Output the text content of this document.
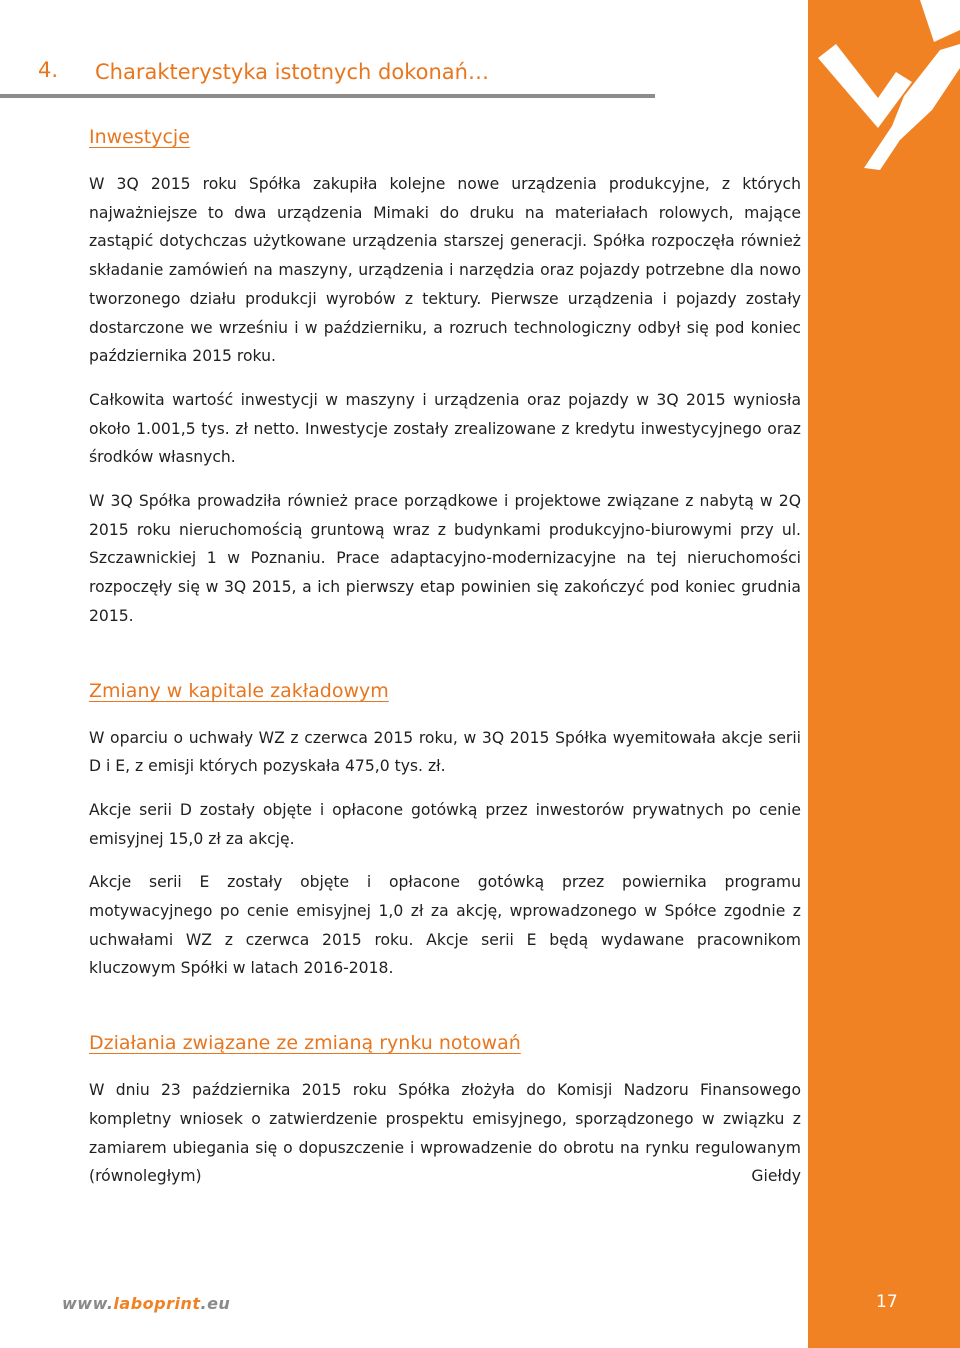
4. Charakterystyka istotnych dokonań…
Inwestycje

W 3Q 2015 roku Spółka zakupiła kolejne nowe urządzenia produkcyjne, z których najważniejsze to dwa urządzenia Mimaki do druku na materiałach rolowych, mające zastąpić dotychczas użytkowane urządzenia starszej generacji. Spółka rozpoczęła również składanie zamówień na maszyny, urządzenia i narzędzia oraz pojazdy potrzebne dla nowo tworzonego działu produkcji wyrobów z tektury. Pierwsze urządzenia i pojazdy zostały dostarczone we wrześniu i w październiku, a rozruch technologiczny odbył się pod koniec października 2015 roku.

Całkowita wartość inwestycji w maszyny i urządzenia oraz pojazdy w 3Q 2015 wyniosła około 1.001,5 tys. zł netto. Inwestycje zostały zrealizowane z kredytu inwestycyjnego oraz środków własnych.

W 3Q Spółka prowadziła również prace porządkowe i projektowe związane z nabytą w 2Q 2015 roku nieruchomością gruntową wraz z budynkami produkcyjno-biurowymi przy ul. Szczawnickiej 1 w Poznaniu. Prace adaptacyjno-modernizacyjne na tej nieruchomości rozpoczęły się w 3Q 2015, a ich pierwszy etap powinien się zakończyć pod koniec grudnia 2015.

Zmiany w kapitale zakładowym

W oparciu o uchwały WZ z czerwca 2015 roku, w 3Q 2015 Spółka wyemitowała akcje serii D i E, z emisji których pozyskała 475,0 tys. zł.

Akcje serii D zostały objęte i opłacone gotówką przez inwestorów prywatnych po cenie emisyjnej 15,0 zł za akcję.

Akcje serii E zostały objęte i opłacone gotówką przez powiernika programu motywacyjnego po cenie emisyjnej 1,0 zł za akcję, wprowadzonego w Spółce zgodnie z uchwałami WZ z czerwca 2015 roku. Akcje serii E będą wydawane pracownikom kluczowym Spółki w latach 2016-2018.

Działania związane ze zmianą rynku notowań

W dniu 23 października 2015 roku Spółka złożyła do Komisji Nadzoru Finansowego kompletny wniosek o zatwierdzenie prospektu emisyjnego, sporządzonego w związku z zamiarem ubiegania się o dopuszczenie i wprowadzenie do obrotu na rynku regulowanym (równoległym) Giełdy

www.laboprint.eu	17
